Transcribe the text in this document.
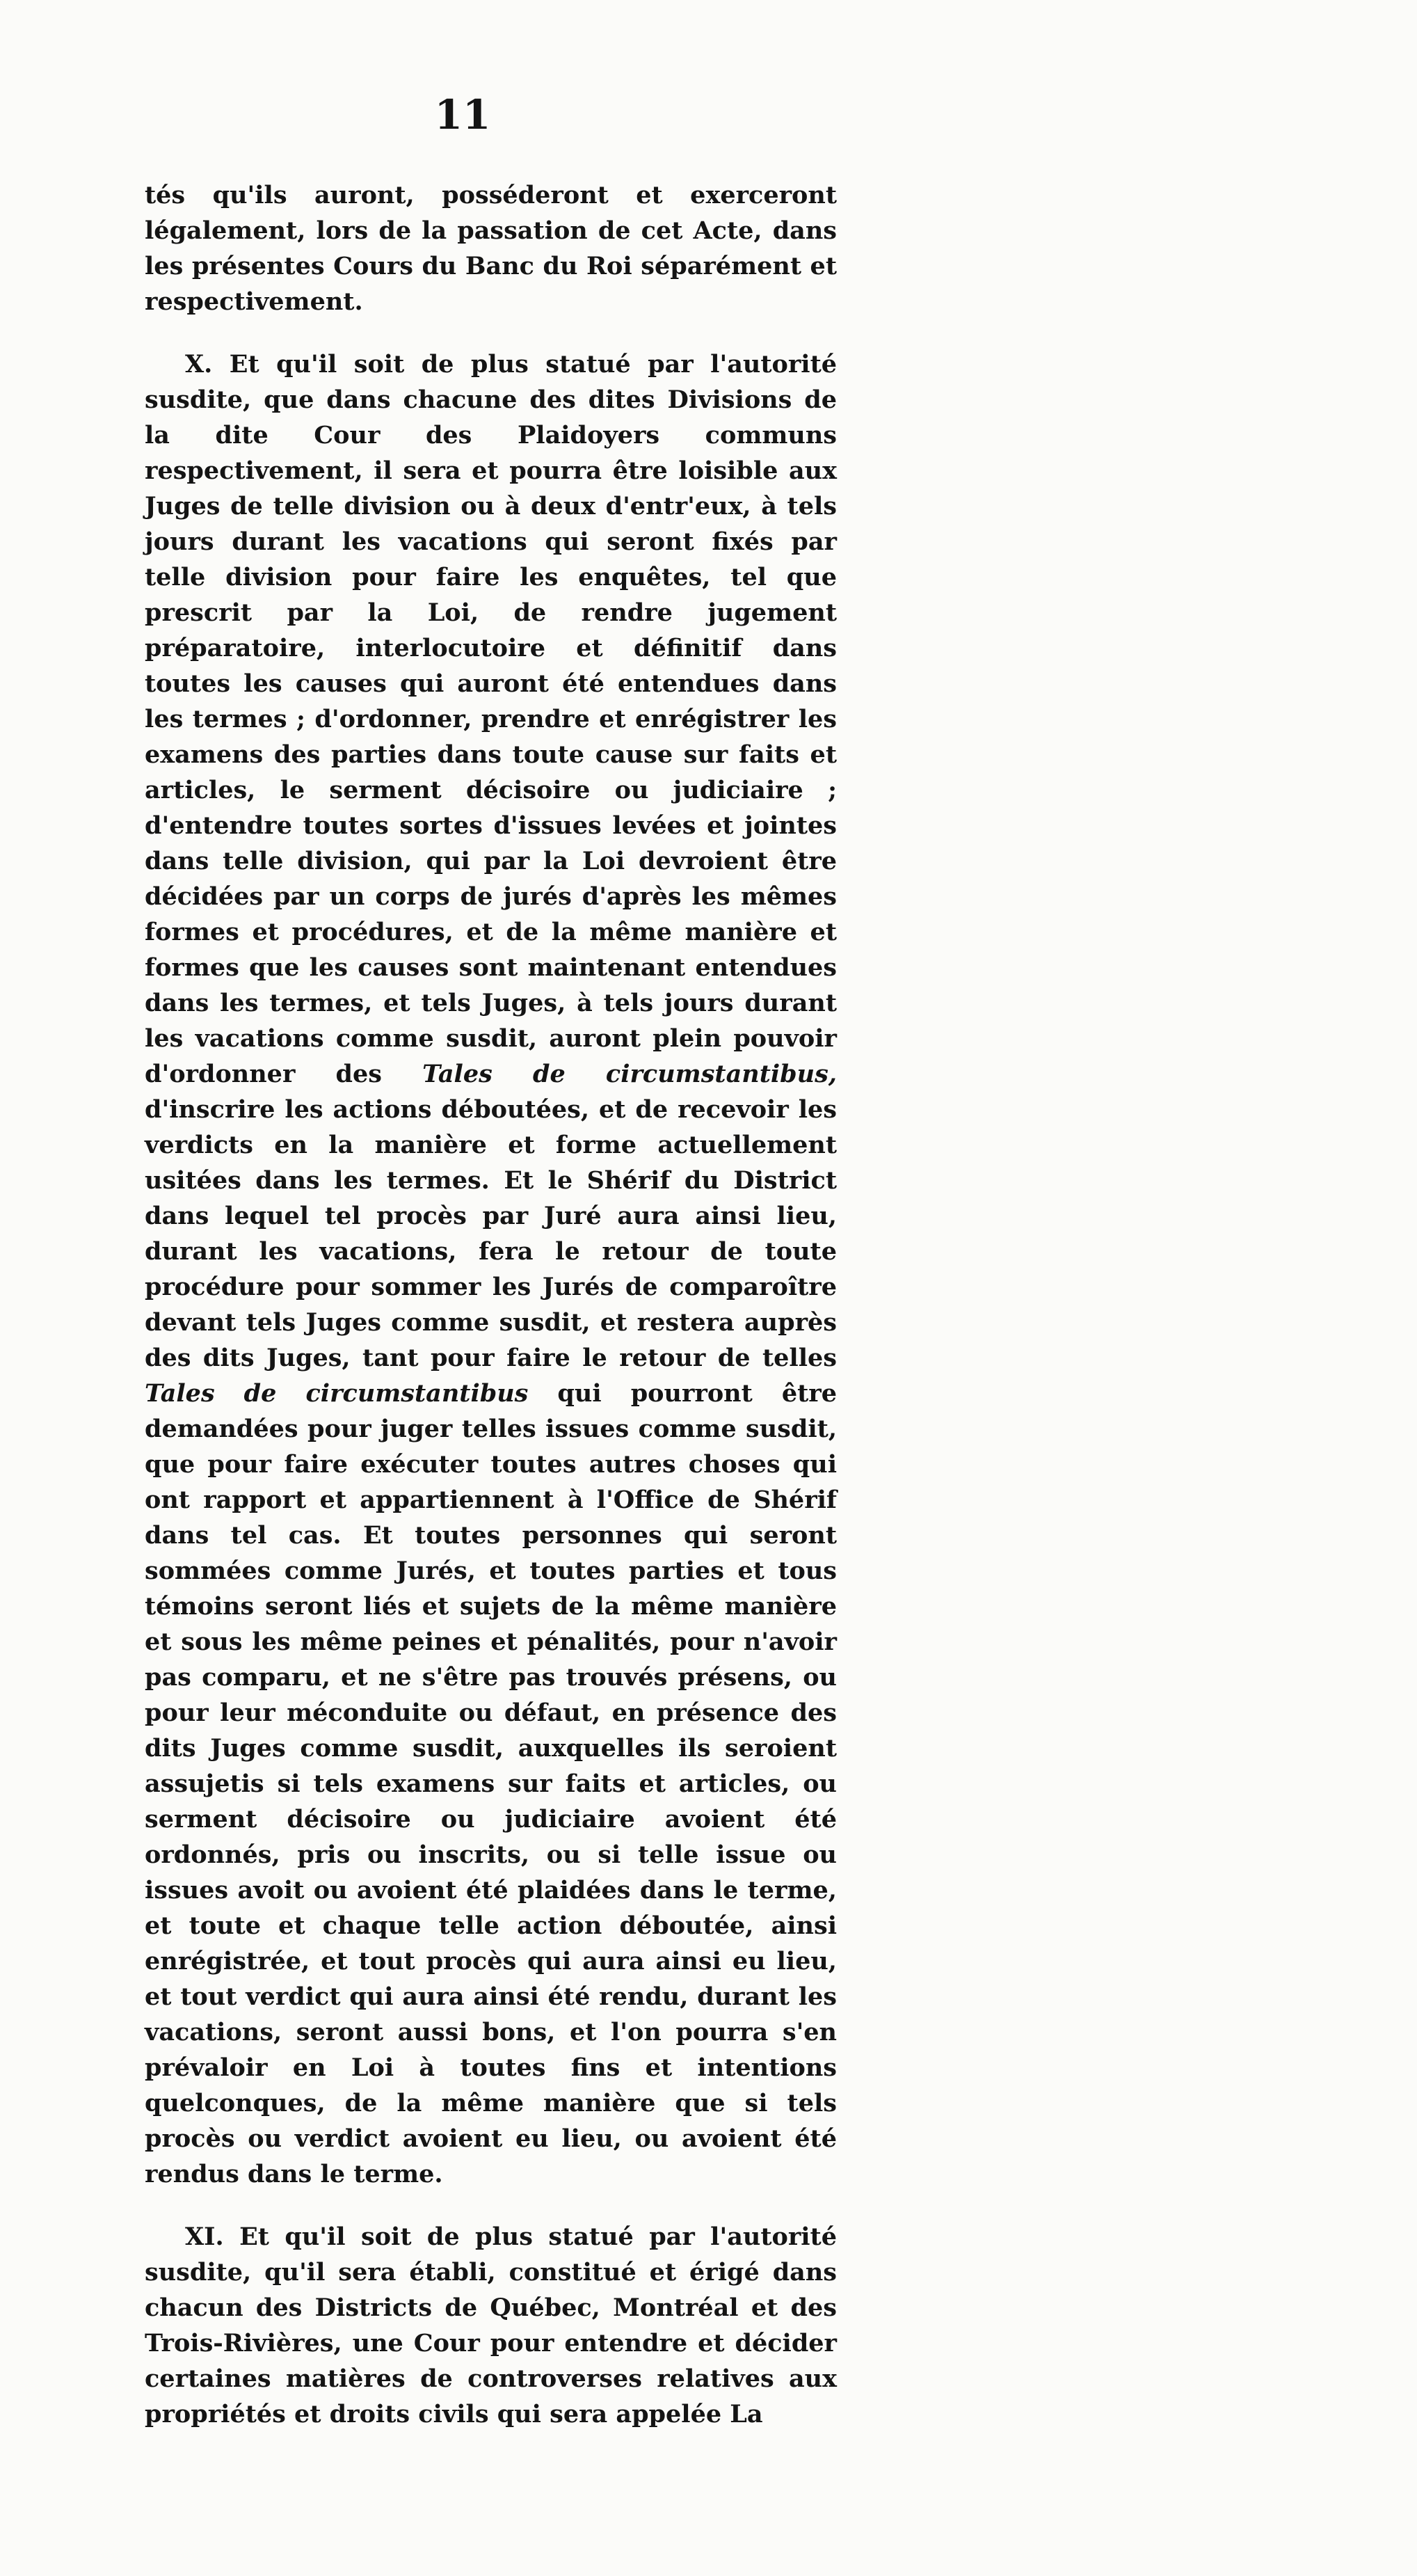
11

tés qu'ils auront, posséderont et exerceront légalement, lors de la passation de cet Acte, dans les présentes Cours du Banc du Roi séparément et respectivement.

X. Et qu'il soit de plus statué par l'autorité susdite, que dans chacune des dites Divisions de la dite Cour des Plaidoyers communs respectivement, il sera et pourra être loisible aux Juges de telle division ou à deux d'entr'eux, à tels jours durant les vacations qui seront fixés par telle division pour faire les enquêtes, tel que prescrit par la Loi, de rendre jugement préparatoire, interlocutoire et définitif dans toutes les causes qui auront été entendues dans les termes ; d'ordonner, prendre et enrégistrer les examens des parties dans toute cause sur faits et articles, le serment décisoire ou judiciaire ; d'entendre toutes sortes d'issues levées et jointes dans telle division, qui par la Loi devroient être décidées par un corps de jurés d'après les mêmes formes et procédures, et de la même manière et formes que les causes sont maintenant entendues dans les termes, et tels Juges, à tels jours durant les vacations comme susdit, auront plein pouvoir d'ordonner des Tales de circumstantibus, d'inscrire les actions déboutées, et de recevoir les verdicts en la manière et forme actuellement usitées dans les termes. Et le Shérif du District dans lequel tel procès par Juré aura ainsi lieu, durant les vacations, fera le retour de toute procédure pour sommer les Jurés de comparoître devant tels Juges comme susdit, et restera auprès des dits Juges, tant pour faire le retour de telles Tales de circumstantibus qui pourront être demandées pour juger telles issues comme susdit, que pour faire exécuter toutes autres choses qui ont rapport et appartiennent à l'Office de Shérif dans tel cas. Et toutes personnes qui seront sommées comme Jurés, et toutes parties et tous témoins seront liés et sujets de la même manière et sous les même peines et pénalités, pour n'avoir pas comparu, et ne s'être pas trouvés présens, ou pour leur méconduite ou défaut, en présence des dits Juges comme susdit, auxquelles ils seroient assujetis si tels examens sur faits et articles, ou serment décisoire ou judiciaire avoient été ordonnés, pris ou inscrits, ou si telle issue ou issues avoit ou avoient été plaidées dans le terme, et toute et chaque telle action déboutée, ainsi enrégistrée, et tout procès qui aura ainsi eu lieu, et tout verdict qui aura ainsi été rendu, durant les vacations, seront aussi bons, et l'on pourra s'en prévaloir en Loi à toutes fins et intentions quelconques, de la même manière que si tels procès ou verdict avoient eu lieu, ou avoient été rendus dans le terme.

XI. Et qu'il soit de plus statué par l'autorité susdite, qu'il sera établi, constitué et érigé dans chacun des Districts de Québec, Montréal et des Trois-Rivières, une Cour pour entendre et décider certaines matières de controverses relatives aux propriétés et droits civils qui sera appelée La
